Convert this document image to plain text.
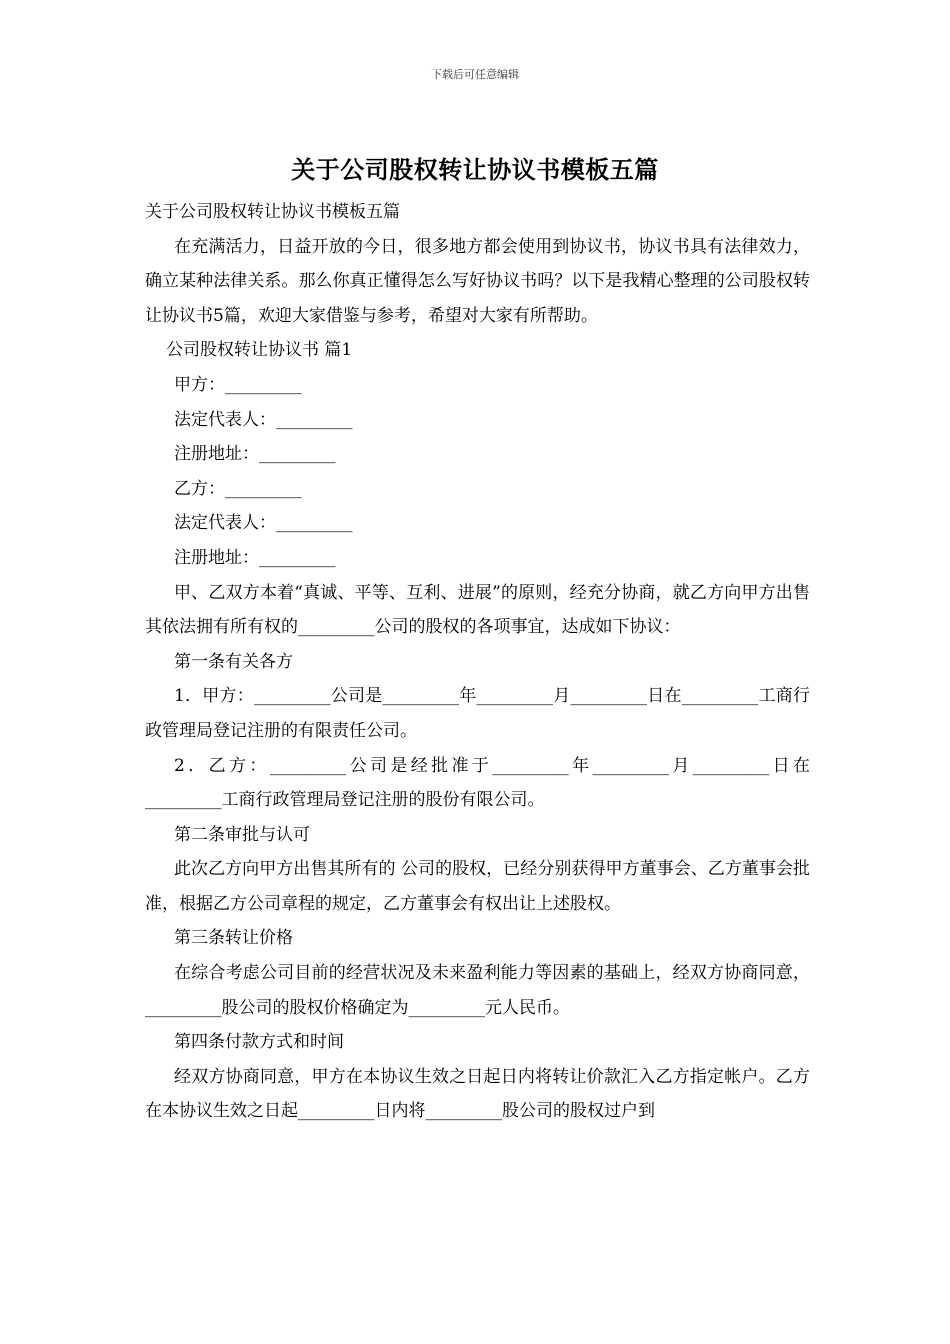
下载后可任意编辑
关于公司股权转让协议书模板五篇

关于公司股权转让协议书模板五篇

在充满活力，日益开放的今日，很多地方都会使用到协议书，协议书具有法律效力，确立某种法律关系。那么你真正懂得怎么写好协议书吗？以下是我精心整理的公司股权转让协议书5篇，欢迎大家借鉴与参考，希望对大家有所帮助。

公司股权转让协议书 篇1

甲方：_________

法定代表人：_________

注册地址：_________

乙方：_________

法定代表人：_________

注册地址：_________

甲、乙双方本着“真诚、平等、互利、进展”的原则，经充分协商，就乙方向甲方出售其依法拥有所有权的_________公司的股权的各项事宜，达成如下协议：

第一条有关各方

1．甲方：_________公司是_________年_________月_________日在_________工商行政管理局登记注册的有限责任公司。

2．乙方：_________公司是经批准于_________年_________月_________日在_________工商行政管理局登记注册的股份有限公司。

第二条审批与认可

此次乙方向甲方出售其所有的 公司的股权，已经分别获得甲方董事会、乙方董事会批准，根据乙方公司章程的规定，乙方董事会有权出让上述股权。

第三条转让价格

在综合考虑公司目前的经营状况及未来盈利能力等因素的基础上，经双方协商同意，_________股公司的股权价格确定为_________元人民币。

第四条付款方式和时间

经双方协商同意，甲方在本协议生效之日起日内将转让价款汇入乙方指定帐户。乙方在本协议生效之日起_________日内将_________股公司的股权过户到
